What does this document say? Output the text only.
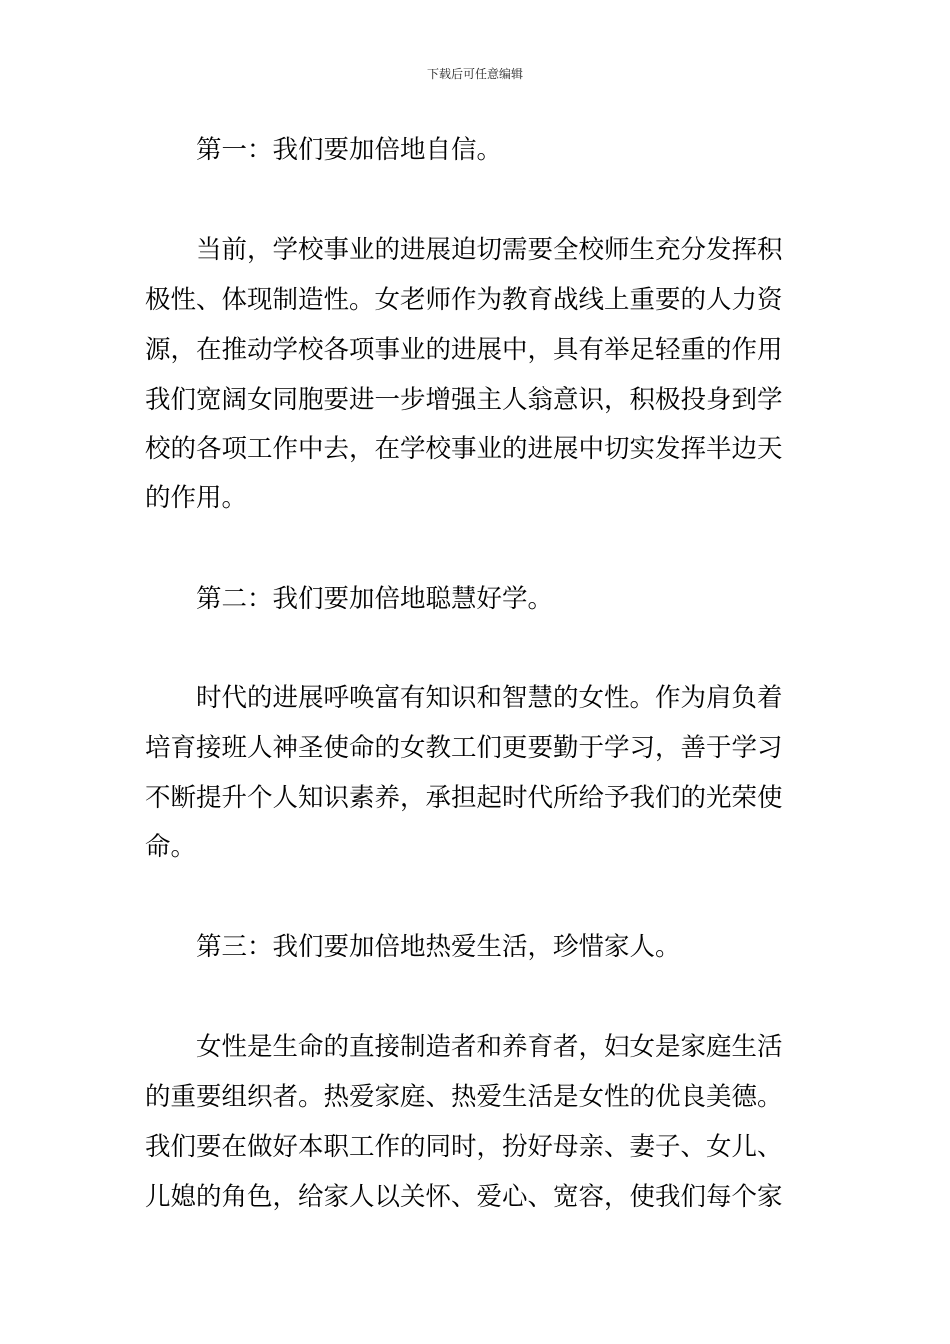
下载后可任意编辑
第一：我们要加倍地自信。
当前，学校事业的进展迫切需要全校师生充分发挥积
极性、体现制造性。女老师作为教育战线上重要的人力资
源，在推动学校各项事业的进展中，具有举足轻重的作用
我们宽阔女同胞要进一步增强主人翁意识，积极投身到学
校的各项工作中去，在学校事业的进展中切实发挥半边天
的作用。
第二：我们要加倍地聪慧好学。
时代的进展呼唤富有知识和智慧的女性。作为肩负着
培育接班人神圣使命的女教工们更要勤于学习，善于学习
不断提升个人知识素养，承担起时代所给予我们的光荣使
命。
第三：我们要加倍地热爱生活，珍惜家人。
女性是生命的直接制造者和养育者，妇女是家庭生活
的重要组织者。热爱家庭、热爱生活是女性的优良美德。
我们要在做好本职工作的同时，扮好母亲、妻子、女儿、
儿媳的角色，给家人以关怀、爱心、宽容，使我们每个家
